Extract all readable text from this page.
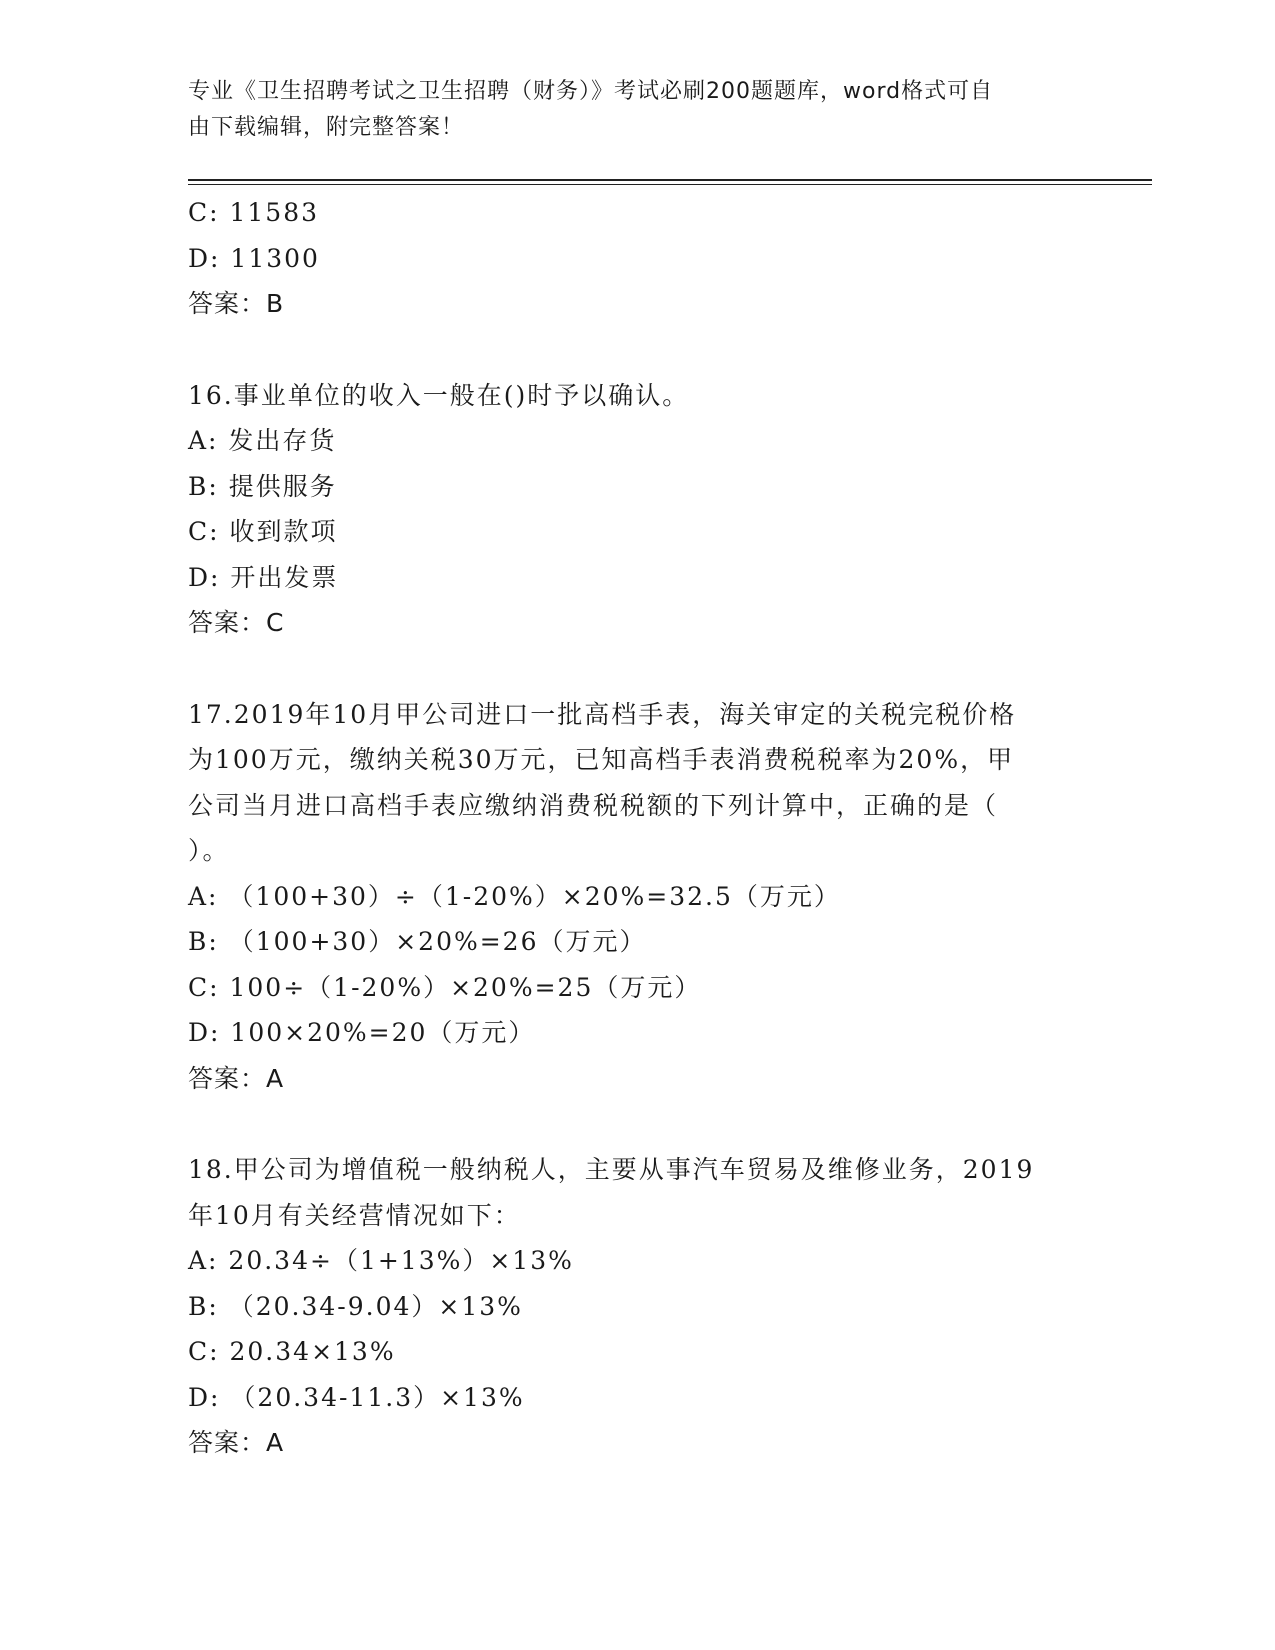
专业《卫生招聘考试之卫生招聘（财务）》考试必刷200题题库，word格式可自
由下载编辑，附完整答案！
C: 11583
D: 11300
答案：B
16.事业单位的收入一般在()时予以确认。
A: 发出存货
B: 提供服务
C: 收到款项
D: 开出发票
答案：C
17.2019年10月甲公司进口一批高档手表，海关审定的关税完税价格
为100万元，缴纳关税30万元，已知高档手表消费税税率为20%，甲
公司当月进口高档手表应缴纳消费税税额的下列计算中，正确的是（
）。
A: （100+30）÷（1-20%）×20%=32.5（万元）
B: （100+30）×20%=26（万元）
C: 100÷（1-20%）×20%=25（万元）
D: 100×20%=20（万元）
答案：A
18.甲公司为增值税一般纳税人，主要从事汽车贸易及维修业务，2019
年10月有关经营情况如下：
A: 20.34÷（1+13%）×13%
B: （20.34-9.04）×13%
C: 20.34×13%
D: （20.34-11.3）×13%
答案：A
